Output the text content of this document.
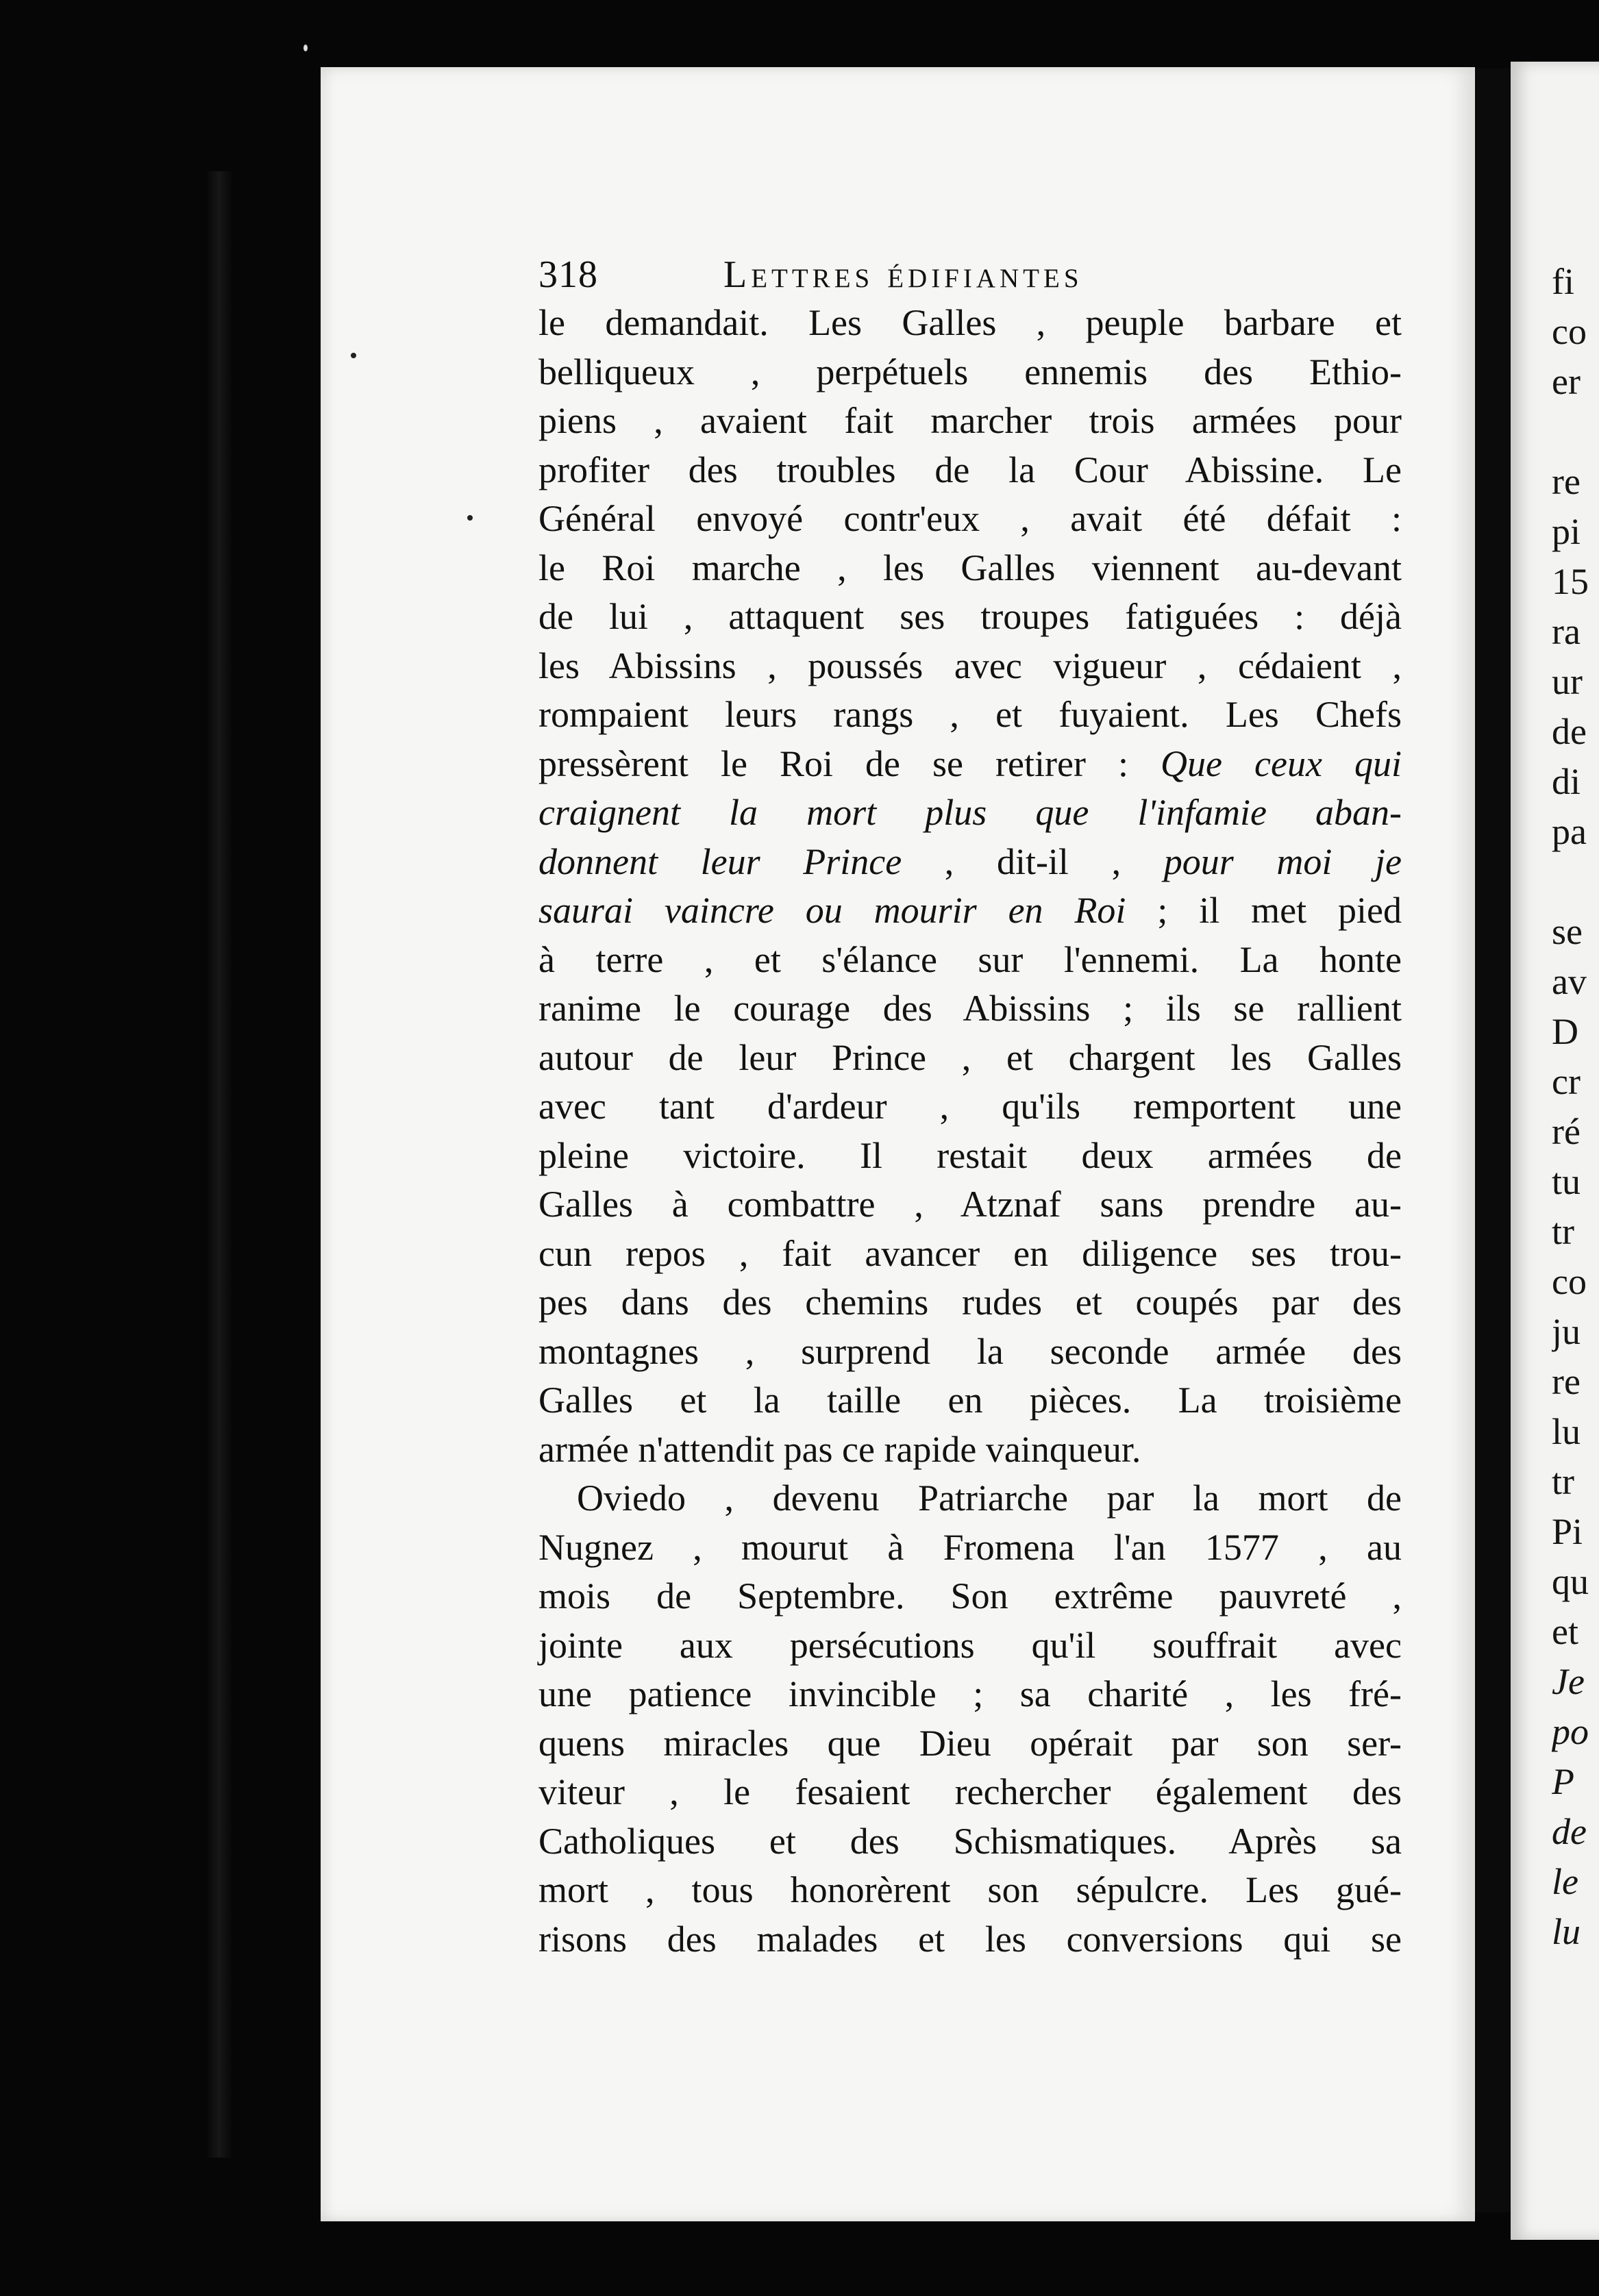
318	Lettres édifiantes
le demandait. Les Galles , peuple barbare et
belliqueux , perpétuels ennemis des Ethio-
piens , avaient fait marcher trois armées pour
profiter des troubles de la Cour Abissine. Le
Général envoyé contr'eux , avait été défait :
le Roi marche , les Galles viennent au-devant
de lui , attaquent ses troupes fatiguées : déjà
les Abissins , poussés avec vigueur , cédaient ,
rompaient leurs rangs , et fuyaient. Les Chefs
pressèrent le Roi de se retirer : Que ceux qui
craignent la mort plus que l'infamie aban-
donnent leur Prince , dit-il , pour moi je
saurai vaincre ou mourir en Roi ; il met pied
à terre , et s'élance sur l'ennemi. La honte
ranime le courage des Abissins ; ils se rallient
autour de leur Prince , et chargent les Galles
avec tant d'ardeur , qu'ils remportent une
pleine victoire. Il restait deux armées de
Galles à combattre , Atznaf sans prendre au-
cun repos , fait avancer en diligence ses trou-
pes dans des chemins rudes et coupés par des
montagnes , surprend la seconde armée des
Galles et la taille en pièces. La troisième
armée n'attendit pas ce rapide vainqueur.
Oviedo , devenu Patriarche par la mort de
Nugnez , mourut à Fromena l'an 1577 , au
mois de Septembre. Son extrême pauvreté ,
jointe aux persécutions qu'il souffrait avec
une patience invincible ; sa charité , les fré-
quens miracles que Dieu opérait par son ser-
viteur , le fesaient rechercher également des
Catholiques et des Schismatiques. Après sa
mort , tous honorèrent son sépulcre. Les gué-
risons des malades et les conversions qui se
fi
co
er
re
pi
15
ra
ur
de
di
pa
se
av
D
cr
ré
tu
tr
co
ju
re
lu
tr
Pi
qu
et
Je
po
P
de
le
lu
